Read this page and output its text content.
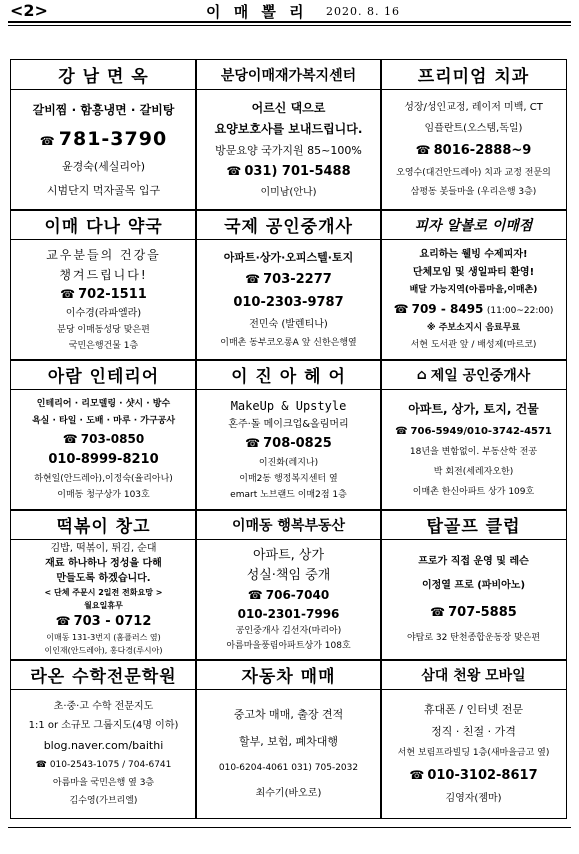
<2>	이 매 뽈 리 2020. 8. 16
강 남 면 옥
갈비찜 · 함흥냉면 · 갈비탕
☎ 781-3790
윤경숙(세실리아)
시범단지 먹자골목 입구
분당이매재가복지센터
어르신 댁으로
요양보호사를 보내드립니다.
방문요양 국가지원 85~100%
☎ 031) 701-5488
이미남(안나)
프리미엄 치과
성장/성인교정, 레이저 미백, CT
임플란트(오스템,독일)
☎ 8016-2888~9
오영수(대건안드레아) 치과 교정 전문의
삼평동 봇들마을 (우리은행 3층)
이매 다나 약국
교우분들의 건강을
챙겨드립니다!
☎ 702-1511
이수경(라파엘라)
분당 이매동성당 맞은편
국민은행건물 1층
국제 공인중개사
아파트·상가·오피스텔·토지
☎ 703-2277
010-2303-9787
전민숙 (발렌티나)
이매촌 동부코오롱A 앞 신한은행옆
피자 알볼로 이매점
요리하는 웰빙 수제피자!
단체모임 및 생일파티 환영!
배달 가능지역(아름마을,이매촌)
☎ 709 - 8495 (11:00~22:00)
※ 주보소지시 음료무료
서현 도서관 앞 / 배성제(마르코)
아람 인테리어
인테리어 · 리모델링 · 샷시 · 방수
욕실 · 타일 · 도배 · 마루 · 가구공사
☎ 703-0850
010-8999-8210
하현일(안드레아),이정숙(율리아나)
이매동 청구상가 103호
이 진 아 헤 어
MakeUp & Upstyle
혼주·돌 메이크업&올림머리
☎ 708-0825
이진화(레지나)
이매2동 행정복지센터 옆
emart 노브랜드 이매2점 1층
⌂ 제일 공인중개사
아파트, 상가, 토지, 건물
☎ 706-5949/010-3742-4571
18년을 변함없이. 부동산학 전공
박 회전(세레자오한)
이매촌 한신아파트 상가 109호
떡볶이 창고
김밥, 떡볶이, 튀김, 순대
재료 하나하나 정성을 다해
만들도록 하겠습니다.
< 단체 주문시 2일전 전화요망 >
월요일휴무
☎ 703 - 0712
이매동 131-3번지 (홈플러스 옆)
이인재(안드레아), 홍다경(루시아)
이매동 행복부동산
아파트, 상가
성실·책임 중개
☎ 706-7040
010-2301-7996
공인중개사 김선자(마리아)
아름마을풍림아파트상가 108호
탑골프 클럽
프로가 직접 운영 및 레슨
이정열 프로 (파비아노)
☎ 707-5885
야탑로 32 탄천종합운동장 맞은편
라온 수학전문학원
초·중·고 수학 전문지도
1:1 or 소규모 그룹지도(4명 이하)
blog.naver.com/baithi
☎ 010-2543-1075 / 704-6741
아름마을 국민은행 옆 3층
김수영(가브리엘)
자동차 매매
중고차 매매, 출장 견적
할부, 보험, 폐차대행
010-6204-4061 031) 705-2032
최수기(바오로)
삼대 천왕 모바일
휴대폰 / 인터넷 전문
정직 · 친절 · 가격
서현 보림프라빌딩 1층(새마을금고 옆)
☎ 010-3102-8617
김영자(젬마)
